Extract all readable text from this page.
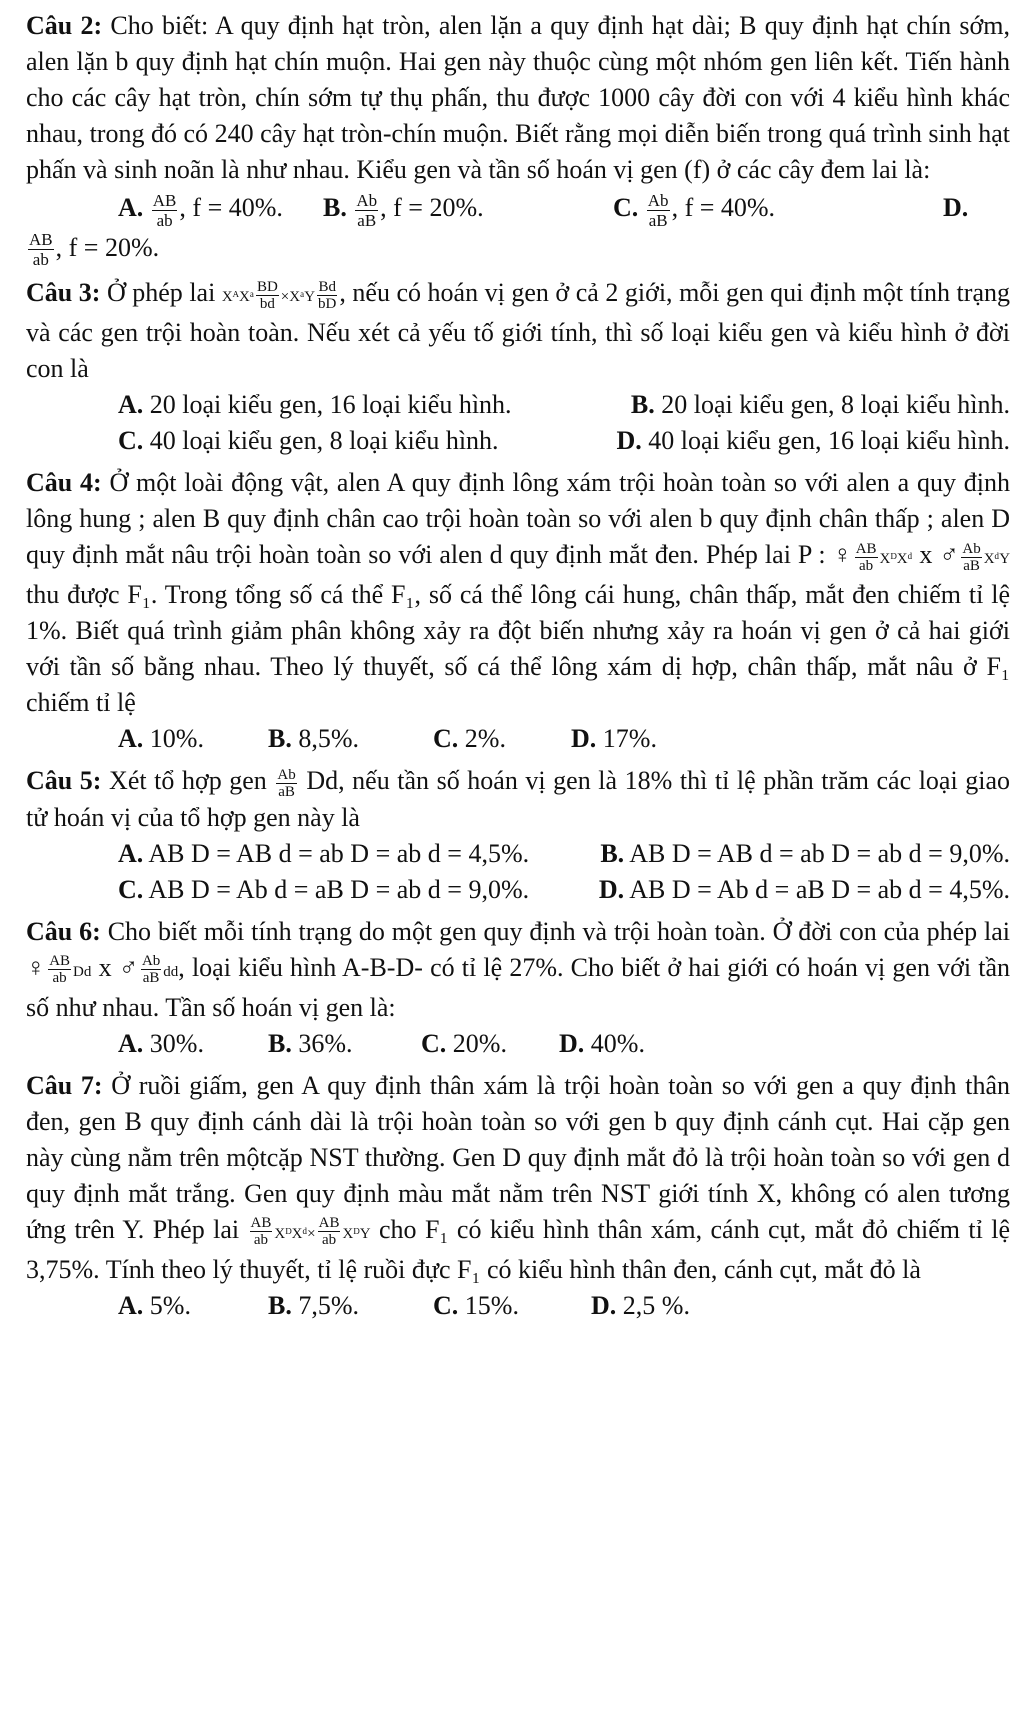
Câu 2: Cho biết: A quy định hạt tròn, alen lặn a quy định hạt dài; B quy định hạt chín sớm, alen lặn b quy định hạt chín muộn. Hai gen này thuộc cùng một nhóm gen liên kết. Tiến hành cho các cây hạt tròn, chín sớm tự thụ phấn, thu được 1000 cây đời con với 4 kiểu hình khác nhau, trong đó có 240 cây hạt tròn-chín muộn. Biết rằng mọi diễn biến trong quá trình sinh hạt phấn và sinh noãn là như nhau. Kiểu gen và tần số hoán vị gen (f) ở các cây đem lai là:

A. $\frac{AB}{ab}$ , f = 40%.	B. $\frac{Ab}{aB}$ , f = 20%.	C. $\frac{Ab}{aB}$ , f = 40%.	D.
$\frac{AB}{ab}$ , f = 20%.

Câu 3: Ở phép lai XᴬXᵃ $\frac{BD}{bd}$ ×XᵃY $\frac{Bd}{bD}$ , nếu có hoán vị gen ở cả 2 giới, mỗi gen qui định một tính trạng và các gen trội hoàn toàn. Nếu xét cả yếu tố giới tính, thì số loại kiểu gen và kiểu hình ở đời con là

A. 20 loại kiểu gen, 16 loại kiểu hình.	B. 20 loại kiểu gen, 8 loại kiểu hình.
C. 40 loại kiểu gen, 8 loại kiểu hình.	D. 40 loại kiểu gen, 16 loại kiểu hình.

Câu 4: Ở một loài động vật, alen A quy định lông xám trội hoàn toàn so với alen a quy định lông hung ; alen B quy định chân cao trội hoàn toàn so với alen b quy định chân thấp ; alen D quy định mắt nâu trội hoàn toàn so với alen d quy định mắt đen. Phép lai P : ♀ $\frac{AB}{ab}$ XᴰXᵈ x ♂ $\frac{Ab}{aB}$ XᵈY thu được F₁. Trong tổng số cá thể F₁, số cá thể lông cái hung, chân thấp, mắt đen chiếm tỉ lệ 1%. Biết quá trình giảm phân không xảy ra đột biến nhưng xảy ra hoán vị gen ở cả hai giới với tần số bằng nhau. Theo lý thuyết, số cá thể lông xám dị hợp, chân thấp, mắt nâu ở F₁ chiếm tỉ lệ

A. 10%.	B. 8,5%.	C. 2%.	D. 17%.

Câu 5: Xét tổ hợp gen $\frac{Ab}{aB} Dd$, nếu tần số hoán vị gen là 18% thì tỉ lệ phần trăm các loại giao tử hoán vị của tổ hợp gen này là

A. AB D = AB d = ab D = ab d = 4,5%.	B. AB D = AB d = ab D = ab d = 9,0%.
C. AB D = Ab d = aB D = ab d = 9,0%.	D. AB D = Ab d = aB D = ab d = 4,5%.

Câu 6: Cho biết mỗi tính trạng do một gen quy định và trội hoàn toàn. Ở đời con của phép lai ♀ $\frac{AB}{ab}$ Dd x ♂ $\frac{Ab}{aB}$ dd, loại kiểu hình A-B-D- có tỉ lệ 27%. Cho biết ở hai giới có hoán vị gen với tần số như nhau. Tần số hoán vị gen là:

A. 30%.	B. 36%.	C. 20%.	D. 40%.

Câu 7: Ở ruồi giấm, gen A quy định thân xám là trội hoàn toàn so với gen a quy định thân đen, gen B quy định cánh dài là trội hoàn toàn so với gen b quy định cánh cụt. Hai cặp gen này cùng nằm trên mộtcặp NST thường. Gen D quy định mắt đỏ là trội hoàn toàn so với gen d quy định mắt trắng. Gen quy định màu mắt nằm trên NST giới tính X, không có alen tương ứng trên Y. Phép lai $\frac{AB}{ab}$ XᴰXᵈ× $\frac{AB}{ab}$ XᴰY cho F₁ có kiểu hình thân xám, cánh cụt, mắt đỏ chiếm tỉ lệ 3,75%. Tính theo lý thuyết, tỉ lệ ruồi đực F₁ có kiểu hình thân đen, cánh cụt, mắt đỏ là

A. 5%.	B. 7,5%.	C. 15%.	D. 2,5 %.
